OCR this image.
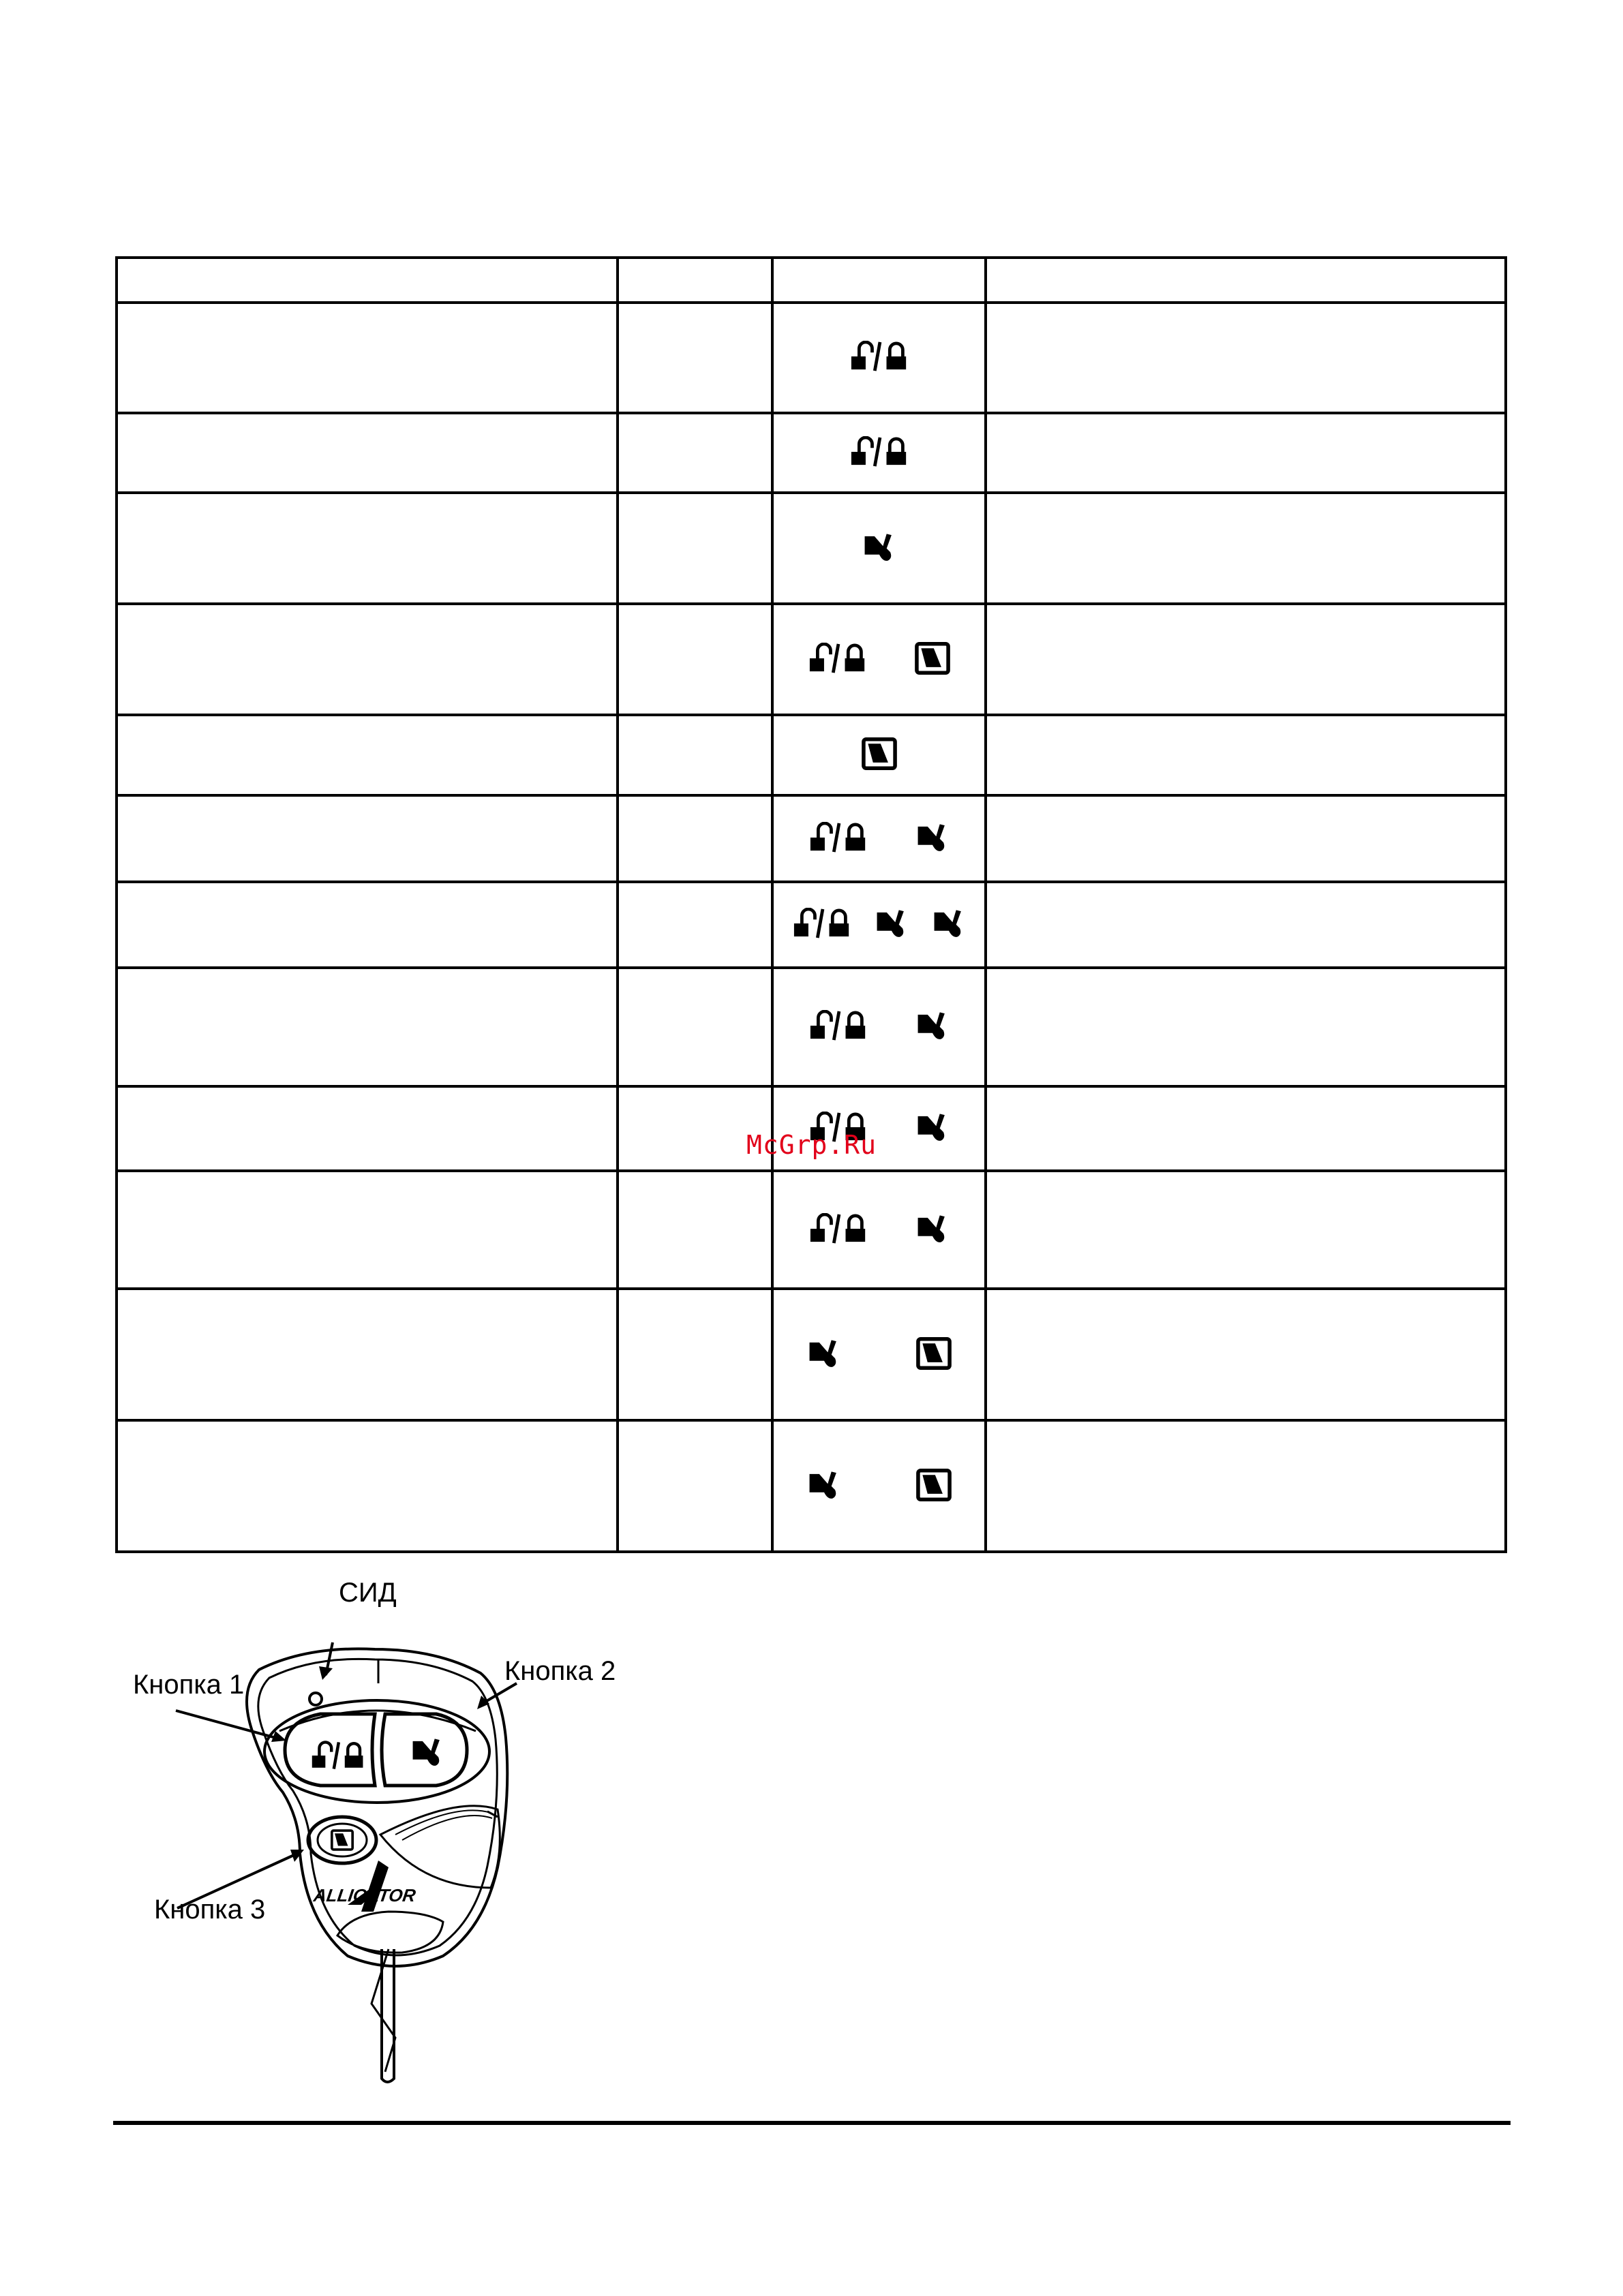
McGrp.Ru
ALLIGATOR
СИД
Кнопка 1	Кнопка 2
Кнопка 3
